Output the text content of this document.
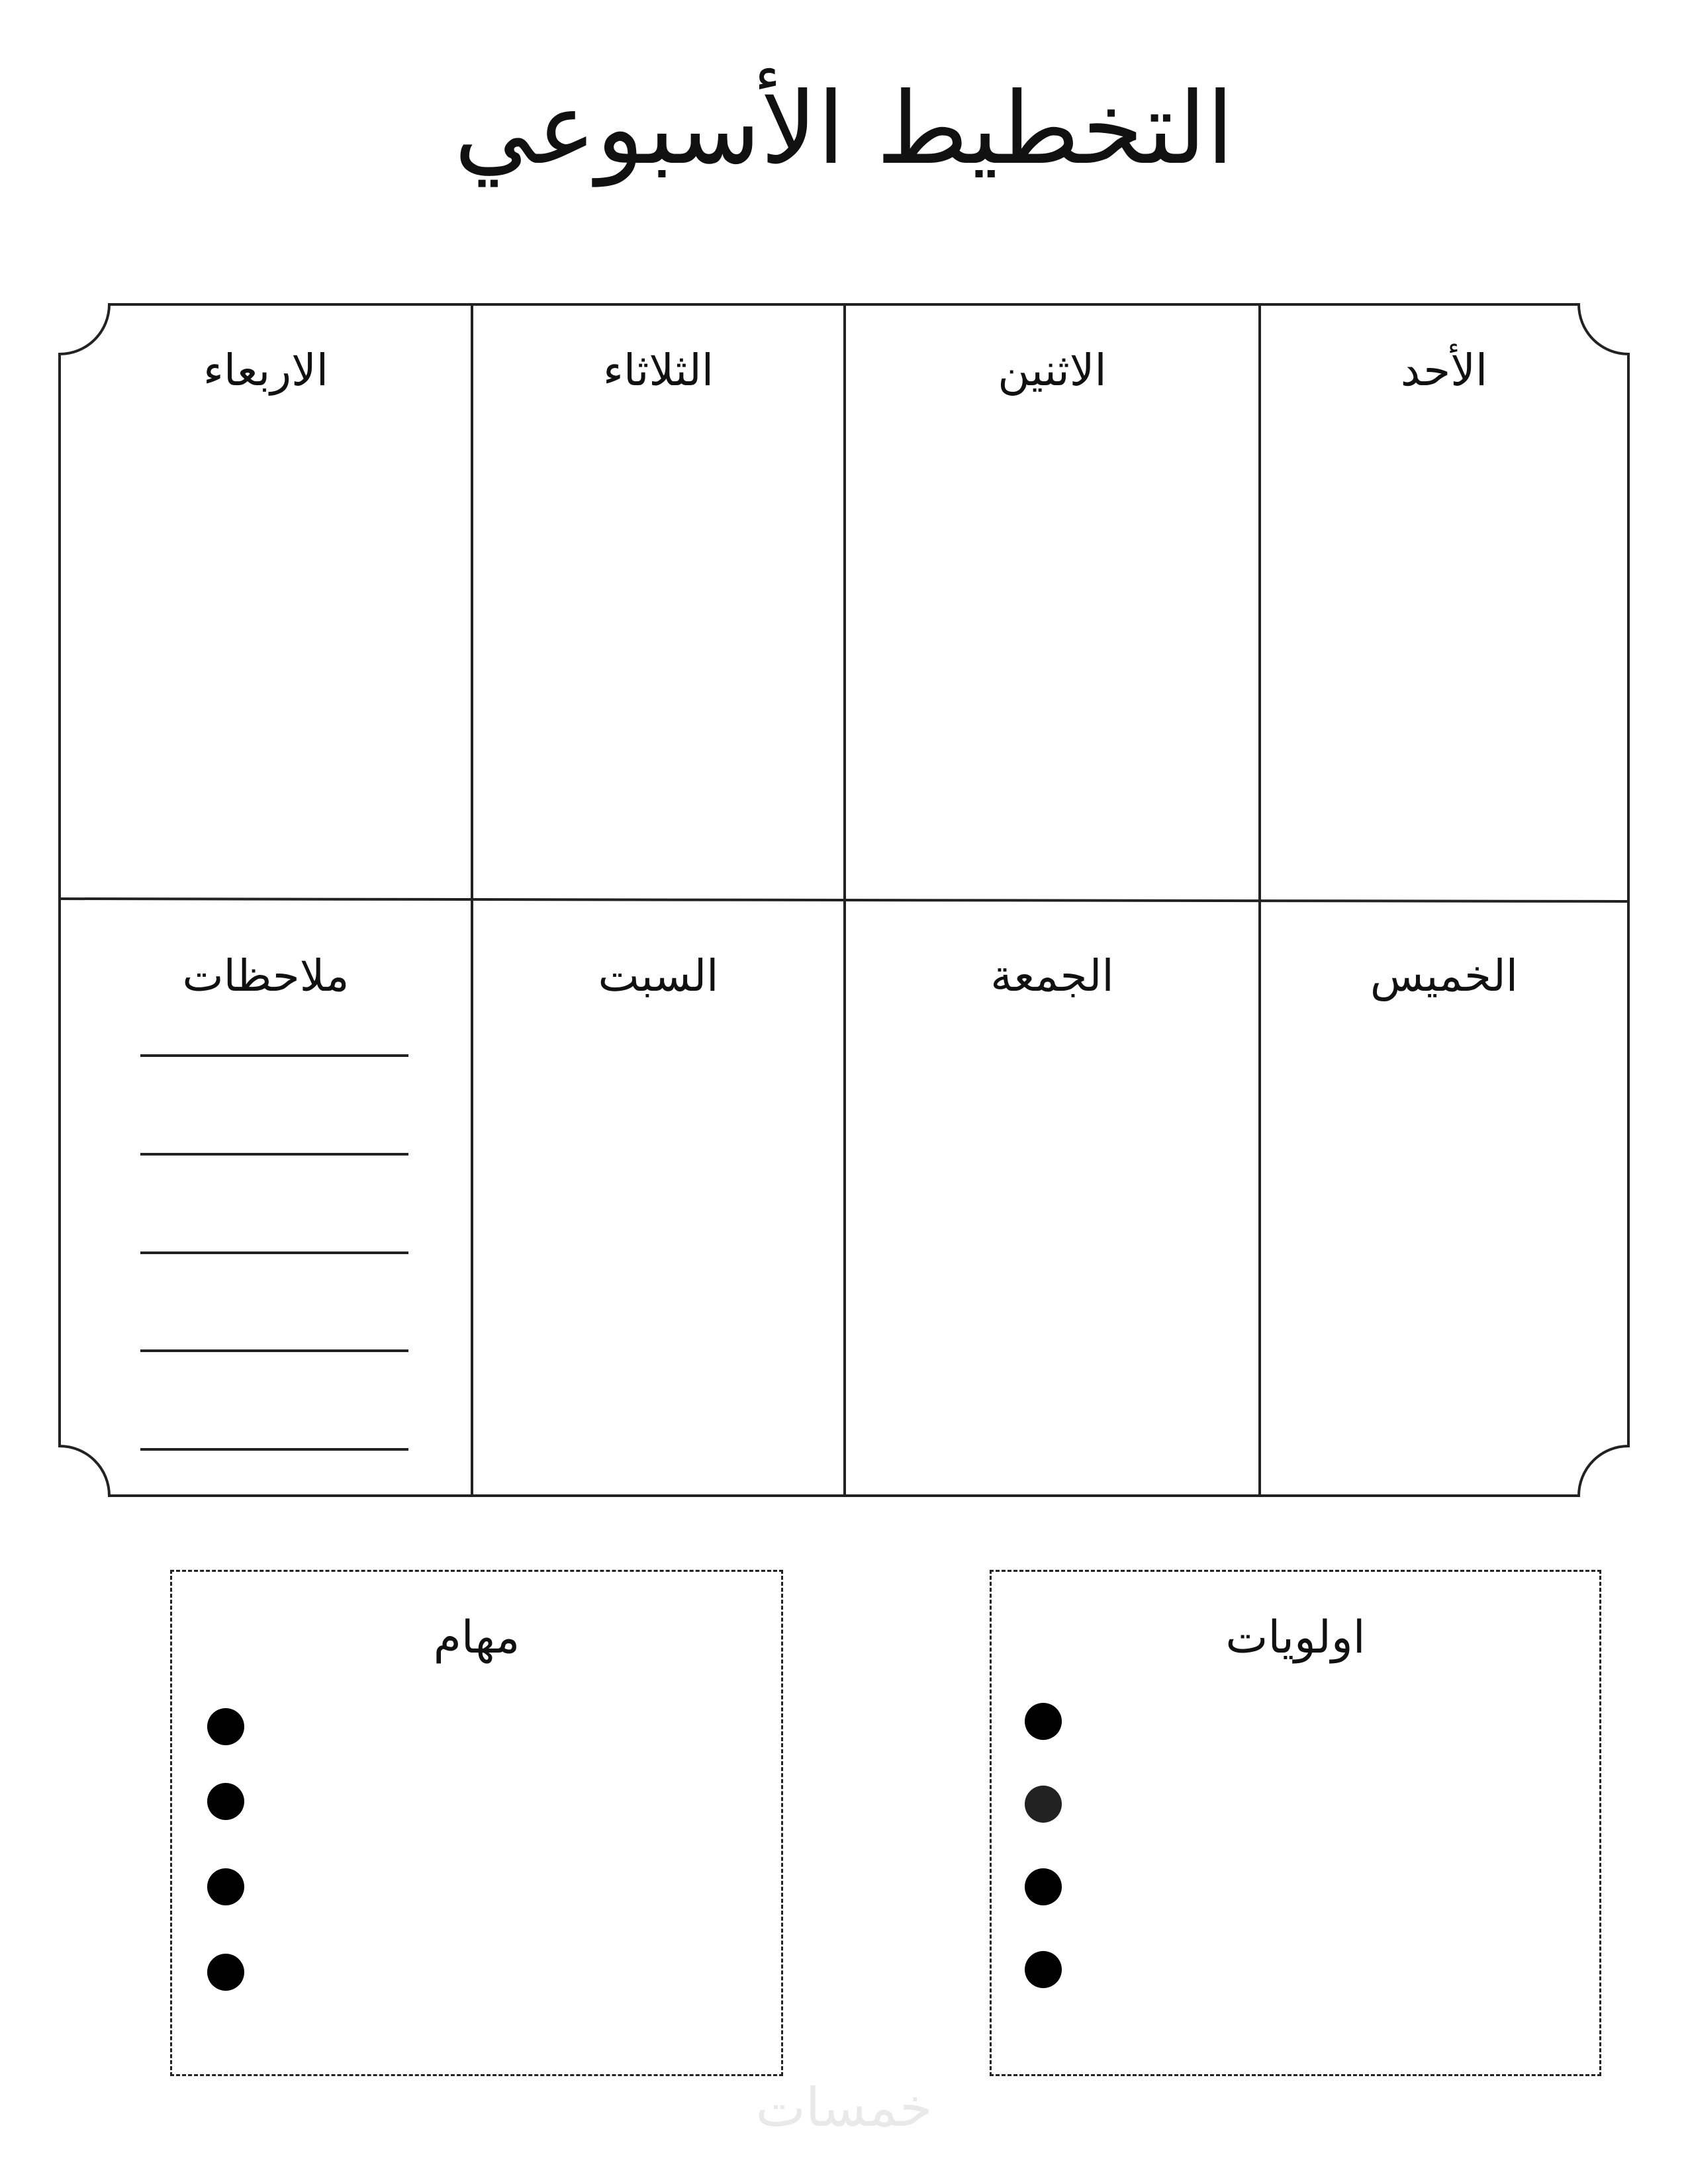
التخطيط الأسبوعي
الأحد
الاثنين
الثلاثاء
الاربعاء
الخميس
الجمعة
السبت
ملاحظات
اولويات
مهام
خمسات
